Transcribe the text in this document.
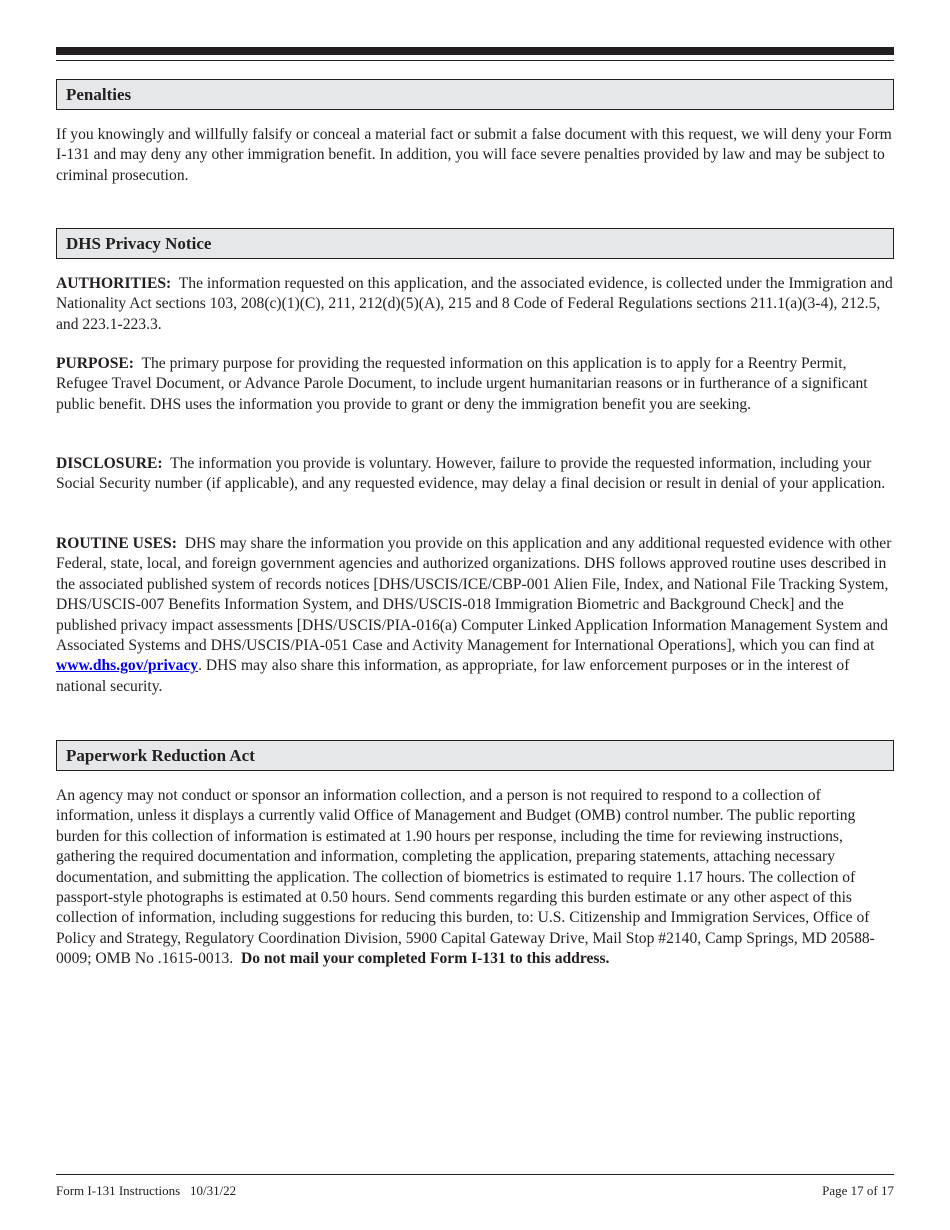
Penalties

If you knowingly and willfully falsify or conceal a material fact or submit a false document with this request, we will deny your Form I-131 and may deny any other immigration benefit. In addition, you will face severe penalties provided by law and may be subject to criminal prosecution.

DHS Privacy Notice

AUTHORITIES: The information requested on this application, and the associated evidence, is collected under the Immigration and Nationality Act sections 103, 208(c)(1)(C), 211, 212(d)(5)(A), 215 and 8 Code of Federal Regulations sections 211.1(a)(3-4), 212.5, and 223.1-223.3.

PURPOSE: The primary purpose for providing the requested information on this application is to apply for a Reentry Permit, Refugee Travel Document, or Advance Parole Document, to include urgent humanitarian reasons or in furtherance of a significant public benefit. DHS uses the information you provide to grant or deny the immigration benefit you are seeking.

DISCLOSURE: The information you provide is voluntary. However, failure to provide the requested information, including your Social Security number (if applicable), and any requested evidence, may delay a final decision or result in denial of your application.

ROUTINE USES: DHS may share the information you provide on this application and any additional requested evidence with other Federal, state, local, and foreign government agencies and authorized organizations. DHS follows approved routine uses described in the associated published system of records notices [DHS/USCIS/ICE/CBP-001 Alien File, Index, and National File Tracking System, DHS/USCIS-007 Benefits Information System, and DHS/USCIS-018 Immigration Biometric and Background Check] and the published privacy impact assessments [DHS/USCIS/PIA-016(a) Computer Linked Application Information Management System and Associated Systems and DHS/USCIS/PIA-051 Case and Activity Management for International Operations], which you can find at www.dhs.gov/privacy. DHS may also share this information, as appropriate, for law enforcement purposes or in the interest of national security.

Paperwork Reduction Act

An agency may not conduct or sponsor an information collection, and a person is not required to respond to a collection of information, unless it displays a currently valid Office of Management and Budget (OMB) control number. The public reporting burden for this collection of information is estimated at 1.90 hours per response, including the time for reviewing instructions, gathering the required documentation and information, completing the application, preparing statements, attaching necessary documentation, and submitting the application. The collection of biometrics is estimated to require 1.17 hours. The collection of passport-style photographs is estimated at 0.50 hours. Send comments regarding this burden estimate or any other aspect of this collection of information, including suggestions for reducing this burden, to: U.S. Citizenship and Immigration Services, Office of Policy and Strategy, Regulatory Coordination Division, 5900 Capital Gateway Drive, Mail Stop #2140, Camp Springs, MD 20588-0009; OMB No .1615-0013. Do not mail your completed Form I-131 to this address.

Form I-131 Instructions   10/31/22	Page 17 of 17
